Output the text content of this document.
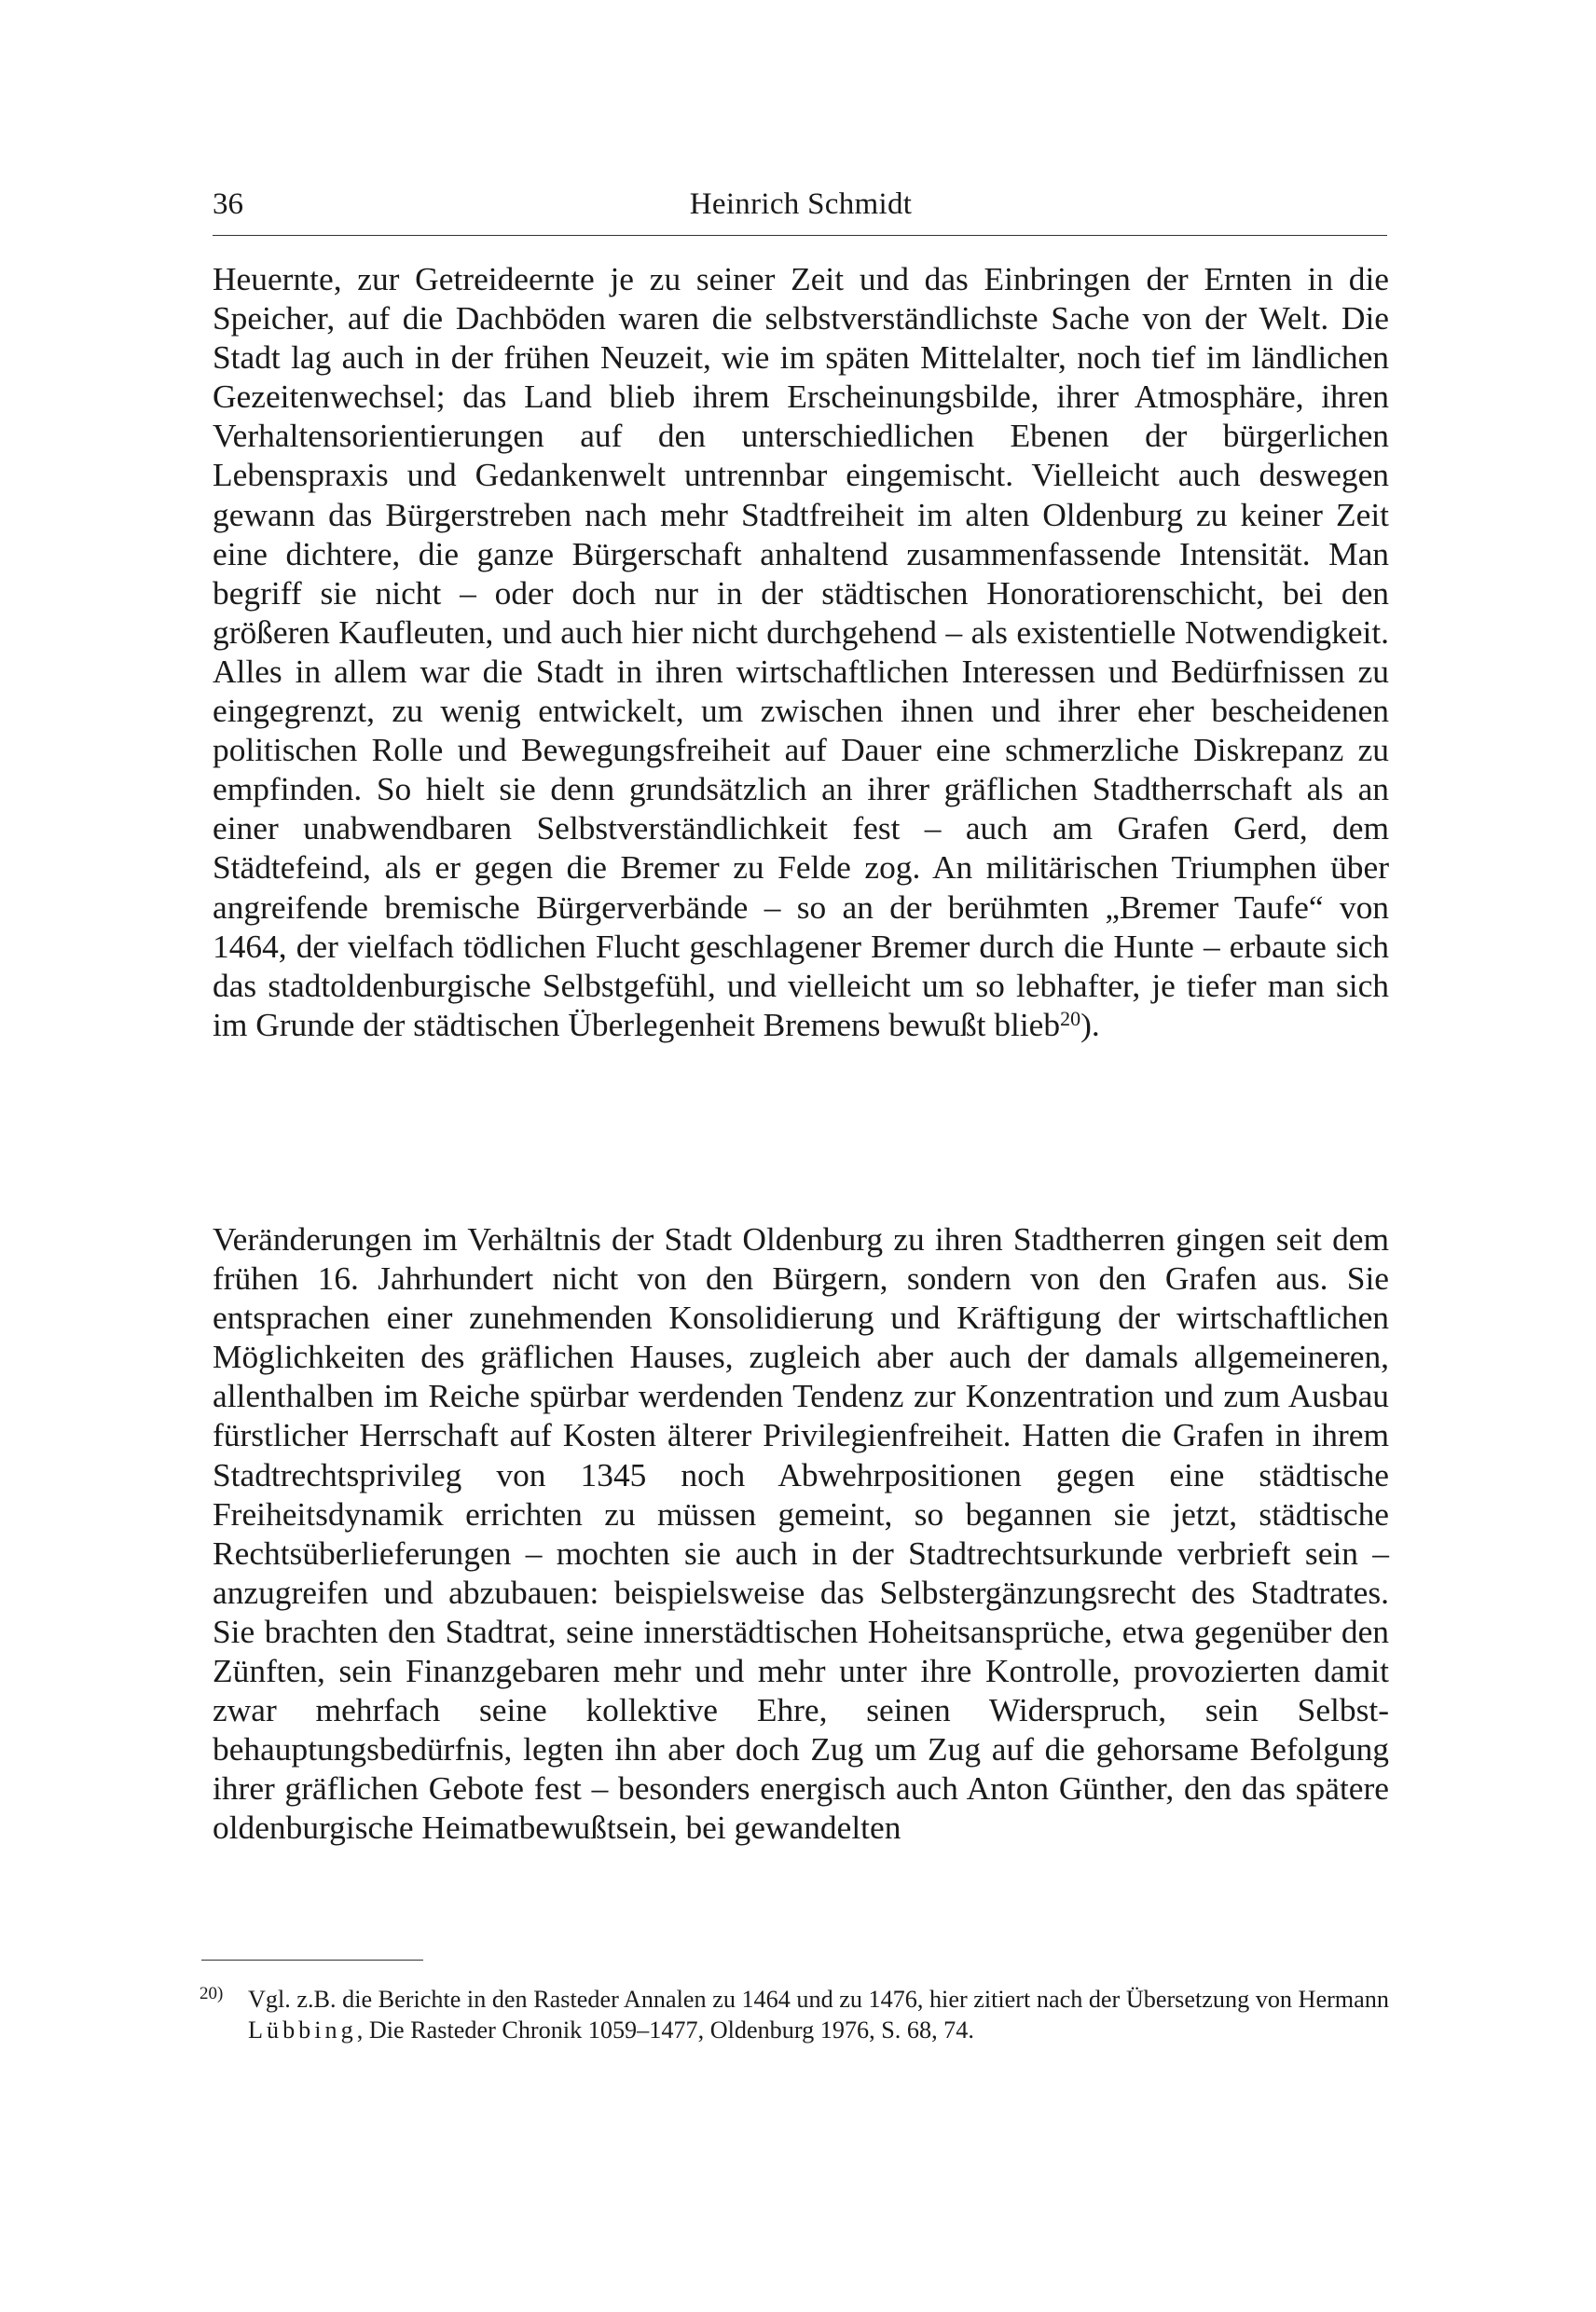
36	Heinrich Schmidt

Heuernte, zur Getreideernte je zu seiner Zeit und das Einbringen der Ernten in die Speicher, auf die Dachböden waren die selbstverständlichste Sache von der Welt. Die Stadt lag auch in der frühen Neuzeit, wie im späten Mittelalter, noch tief im ländlichen Gezeitenwechsel; das Land blieb ihrem Erscheinungsbilde, ihrer Atmosphäre, ihren Verhaltensorientierungen auf den unterschiedlichen Ebenen der bürgerlichen Lebenspraxis und Gedankenwelt untrennbar eingemischt. Vielleicht auch deswegen gewann das Bürgerstreben nach mehr Stadtfreiheit im alten Oldenburg zu keiner Zeit eine dichtere, die ganze Bürgerschaft anhaltend zusammenfassende Intensität. Man begriff sie nicht – oder doch nur in der städtischen Honoratiorenschicht, bei den größeren Kaufleuten, und auch hier nicht durchgehend – als existentielle Notwendigkeit. Alles in allem war die Stadt in ihren wirtschaftlichen Interessen und Bedürfnissen zu eingegrenzt, zu wenig entwickelt, um zwischen ihnen und ihrer eher bescheidenen politischen Rolle und Bewegungsfreiheit auf Dauer eine schmerzliche Diskrepanz zu empfinden. So hielt sie denn grundsätzlich an ihrer gräflichen Stadtherrschaft als an einer unabwendbaren Selbstverständlichkeit fest – auch am Grafen Gerd, dem Städtefeind, als er gegen die Bremer zu Felde zog. An militärischen Triumphen über angreifende bremische Bürgerverbände – so an der berühmten „Bremer Taufe“ von 1464, der vielfach tödlichen Flucht geschlagener Bremer durch die Hunte – erbaute sich das stadtoldenburgische Selbstgefühl, und vielleicht um so lebhafter, je tiefer man sich im Grunde der städtischen Überlegenheit Bremens bewußt blieb$^{20}$).

Veränderungen im Verhältnis der Stadt Oldenburg zu ihren Stadtherren gingen seit dem frühen 16. Jahrhundert nicht von den Bürgern, sondern von den Grafen aus. Sie entsprachen einer zunehmenden Konsolidierung und Kräftigung der wirtschaftlichen Möglichkeiten des gräflichen Hauses, zugleich aber auch der damals allgemeineren, allenthalben im Reiche spürbar werdenden Tendenz zur Konzentration und zum Ausbau fürstlicher Herrschaft auf Kosten älterer Privilegienfreiheit. Hatten die Grafen in ihrem Stadtrechtsprivileg von 1345 noch Abwehrpositionen gegen eine städtische Freiheitsdynamik errichten zu müssen gemeint, so begannen sie jetzt, städtische Rechtsüberlieferungen – mochten sie auch in der Stadtrechtsurkunde verbrieft sein – anzugreifen und abzubauen: beispielsweise das Selbstergänzungsrecht des Stadtrates. Sie brachten den Stadtrat, seine innerstädtischen Hoheitsansprüche, etwa gegenüber den Zünften, sein Finanzgebaren mehr und mehr unter ihre Kontrolle, provozierten damit zwar mehrfach seine kollektive Ehre, seinen Widerspruch, sein Selbstbehauptungsbedürfnis, legten ihn aber doch Zug um Zug auf die gehorsame Befolgung ihrer gräflichen Gebote fest – besonders energisch auch Anton Günther, den das spätere oldenburgische Heimatbewußtsein, bei gewandelten

20) Vgl. z.B. die Berichte in den Rasteder Annalen zu 1464 und zu 1476, hier zitiert nach der Übersetzung von Hermann Lübbing, Die Rasteder Chronik 1059–1477, Oldenburg 1976, S. 68, 74.
